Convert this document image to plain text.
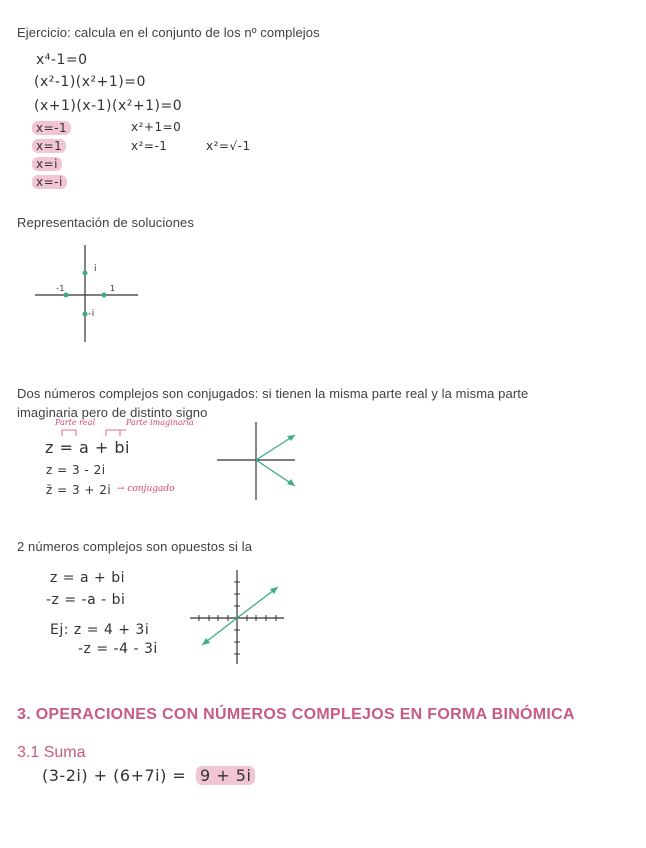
Ejercicio: calcula en el conjunto de los nº complejos
x⁴-1=0
(x²-1)(x²+1)=0
(x+1)(x-1)(x²+1)=0
x=-1
x=1
x=i
x=-i
x²+1=0
x²=-1	x²=√-1
Representación de soluciones
i
-1	1
-i
Dos números complejos son conjugados: si tienen la misma parte real y la misma parte
imaginaria pero de distinto signo
Parte real	Parte imaginaria
z = a + bi
z = 3 - 2i
z̄ = 3 + 2i → conjugado
2 números complejos son opuestos si la
z = a + bi
-z = -a - bi
Ej: z = 4 + 3i
-z = -4 - 3i
3. OPERACIONES CON NÚMEROS COMPLEJOS EN FORMA BINÓMICA
3.1 Suma
(3-2i) + (6+7i) = 9 + 5i
